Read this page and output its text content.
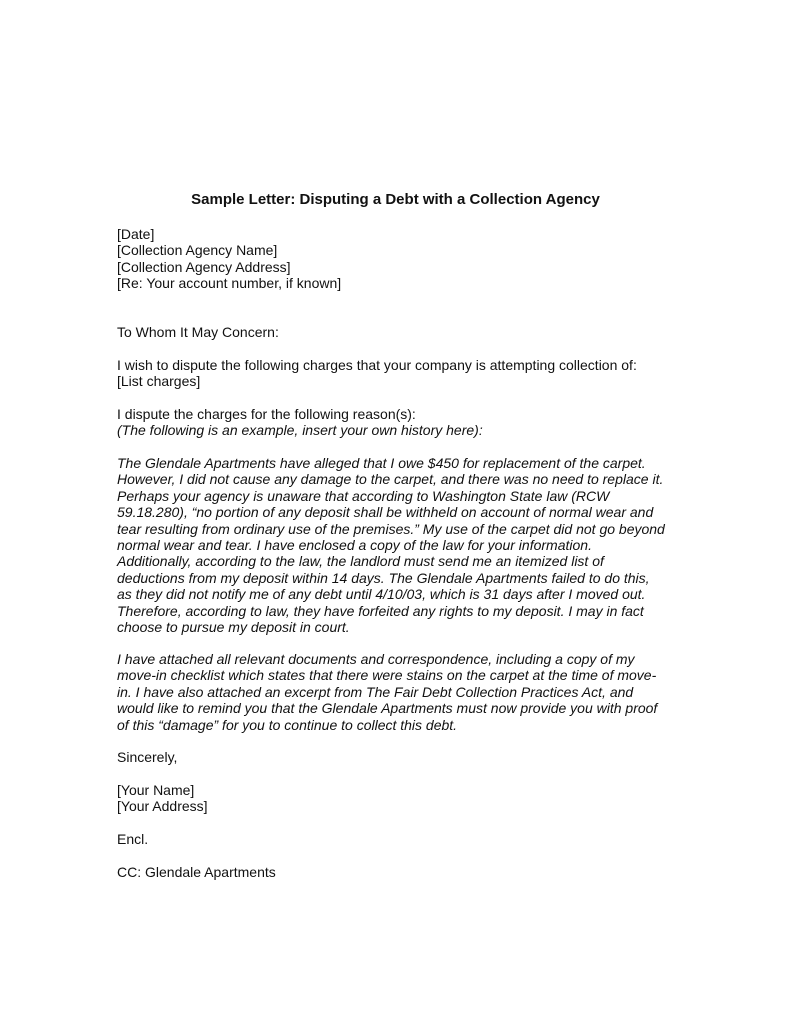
Sample Letter: Disputing a Debt with a Collection Agency
[Date]
[Collection Agency Name]
[Collection Agency Address]
[Re: Your account number, if known]
To Whom It May Concern:
I wish to dispute the following charges that your company is attempting collection of:
[List charges]
I dispute the charges for the following reason(s):
(The following is an example, insert your own history here):
The Glendale Apartments have alleged that I owe $450 for replacement of the carpet.
However, I did not cause any damage to the carpet, and there was no need to replace it.
Perhaps your agency is unaware that according to Washington State law (RCW
59.18.280), “no portion of any deposit shall be withheld on account of normal wear and
tear resulting from ordinary use of the premises.” My use of the carpet did not go beyond
normal wear and tear. I have enclosed a copy of the law for your information.
Additionally, according to the law, the landlord must send me an itemized list of
deductions from my deposit within 14 days. The Glendale Apartments failed to do this,
as they did not notify me of any debt until 4/10/03, which is 31 days after I moved out.
Therefore, according to law, they have forfeited any rights to my deposit. I may in fact
choose to pursue my deposit in court.
I have attached all relevant documents and correspondence, including a copy of my
move-in checklist which states that there were stains on the carpet at the time of move-
in. I have also attached an excerpt from The Fair Debt Collection Practices Act, and
would like to remind you that the Glendale Apartments must now provide you with proof
of this “damage” for you to continue to collect this debt.
Sincerely,
[Your Name]
[Your Address]
Encl.
CC: Glendale Apartments
